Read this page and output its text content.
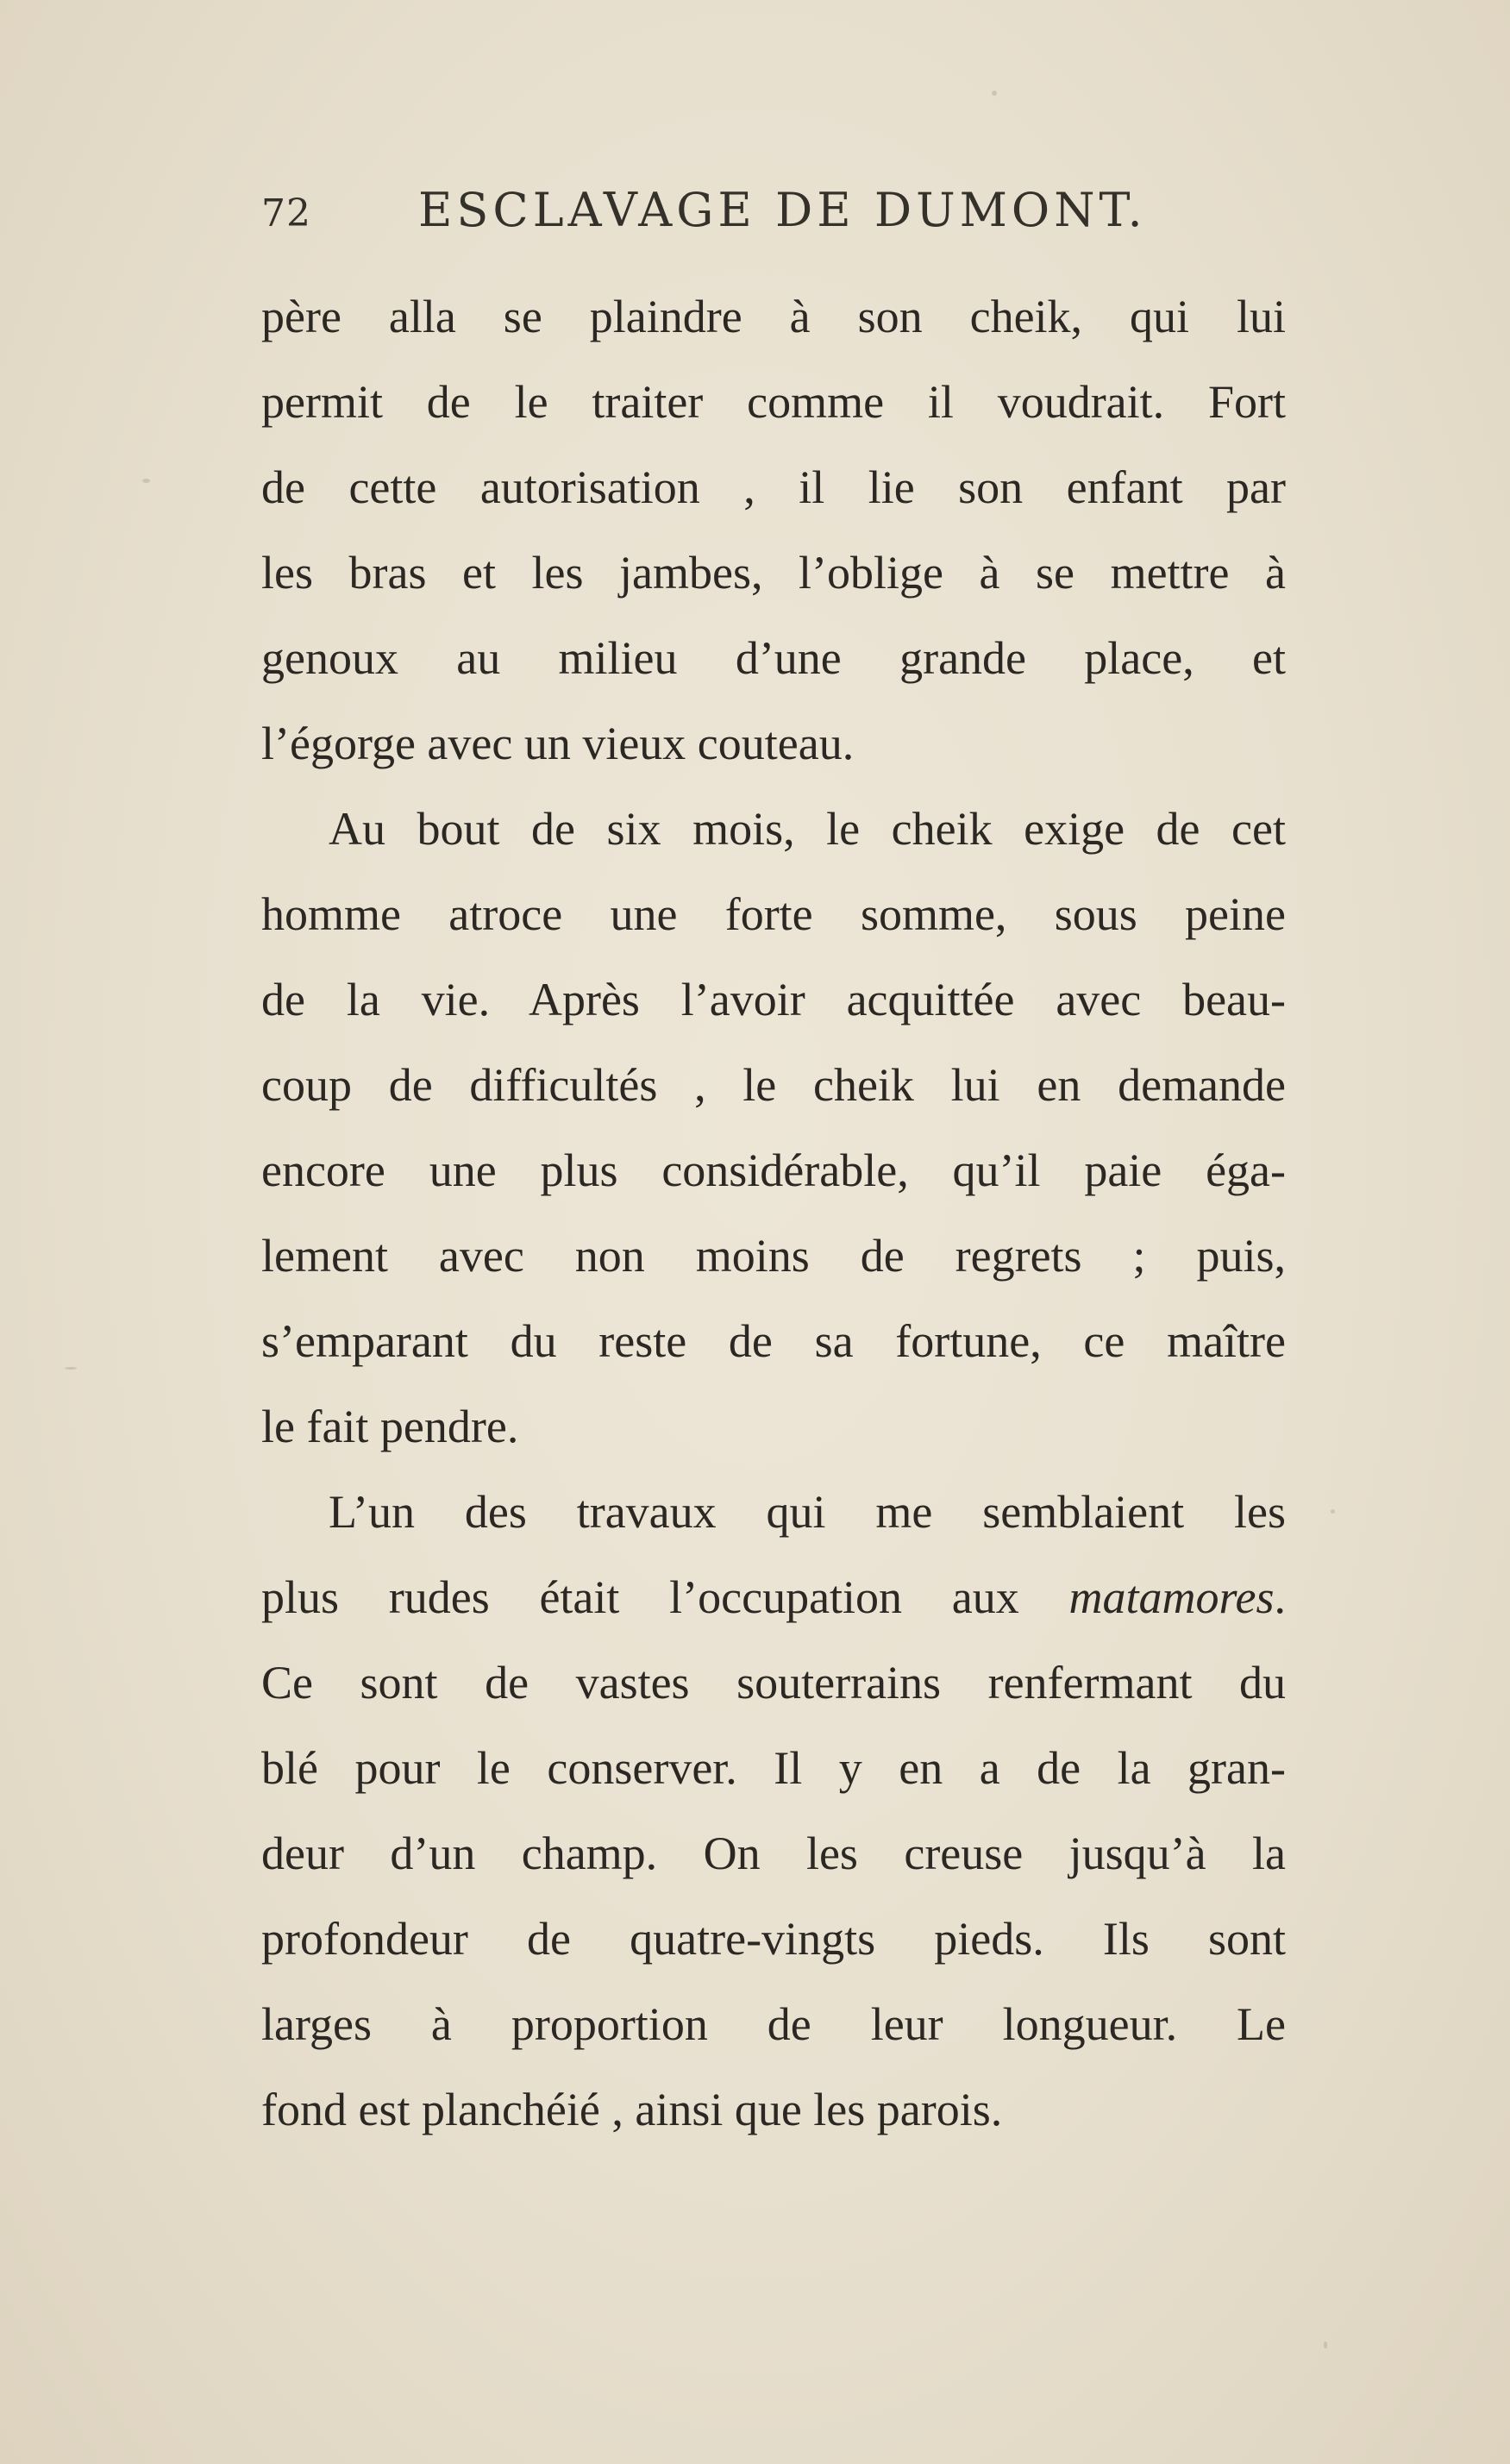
72 ESCLAVAGE DE DUMONT.
père alla se plaindre à son cheik, qui lui
permit de le traiter comme il voudrait. Fort
de cette autorisation , il lie son enfant par
les bras et les jambes, l’oblige à se mettre à
genoux au milieu d’une grande place, et
l’égorge avec un vieux couteau.
Au bout de six mois, le cheik exige de cet
homme atroce une forte somme, sous peine
de la vie. Après l’avoir acquittée avec beau-
coup de difficultés , le cheik lui en demande
encore une plus considérable, qu’il paie éga-
lement avec non moins de regrets ; puis,
s’emparant du reste de sa fortune, ce maître
le fait pendre.
L’un des travaux qui me semblaient les
plus rudes était l’occupation aux matamores.
Ce sont de vastes souterrains renfermant du
blé pour le conserver. Il y en a de la gran-
deur d’un champ. On les creuse jusqu’à la
profondeur de quatre-vingts pieds. Ils sont
larges à proportion de leur longueur. Le
fond est planchéié , ainsi que les parois.
